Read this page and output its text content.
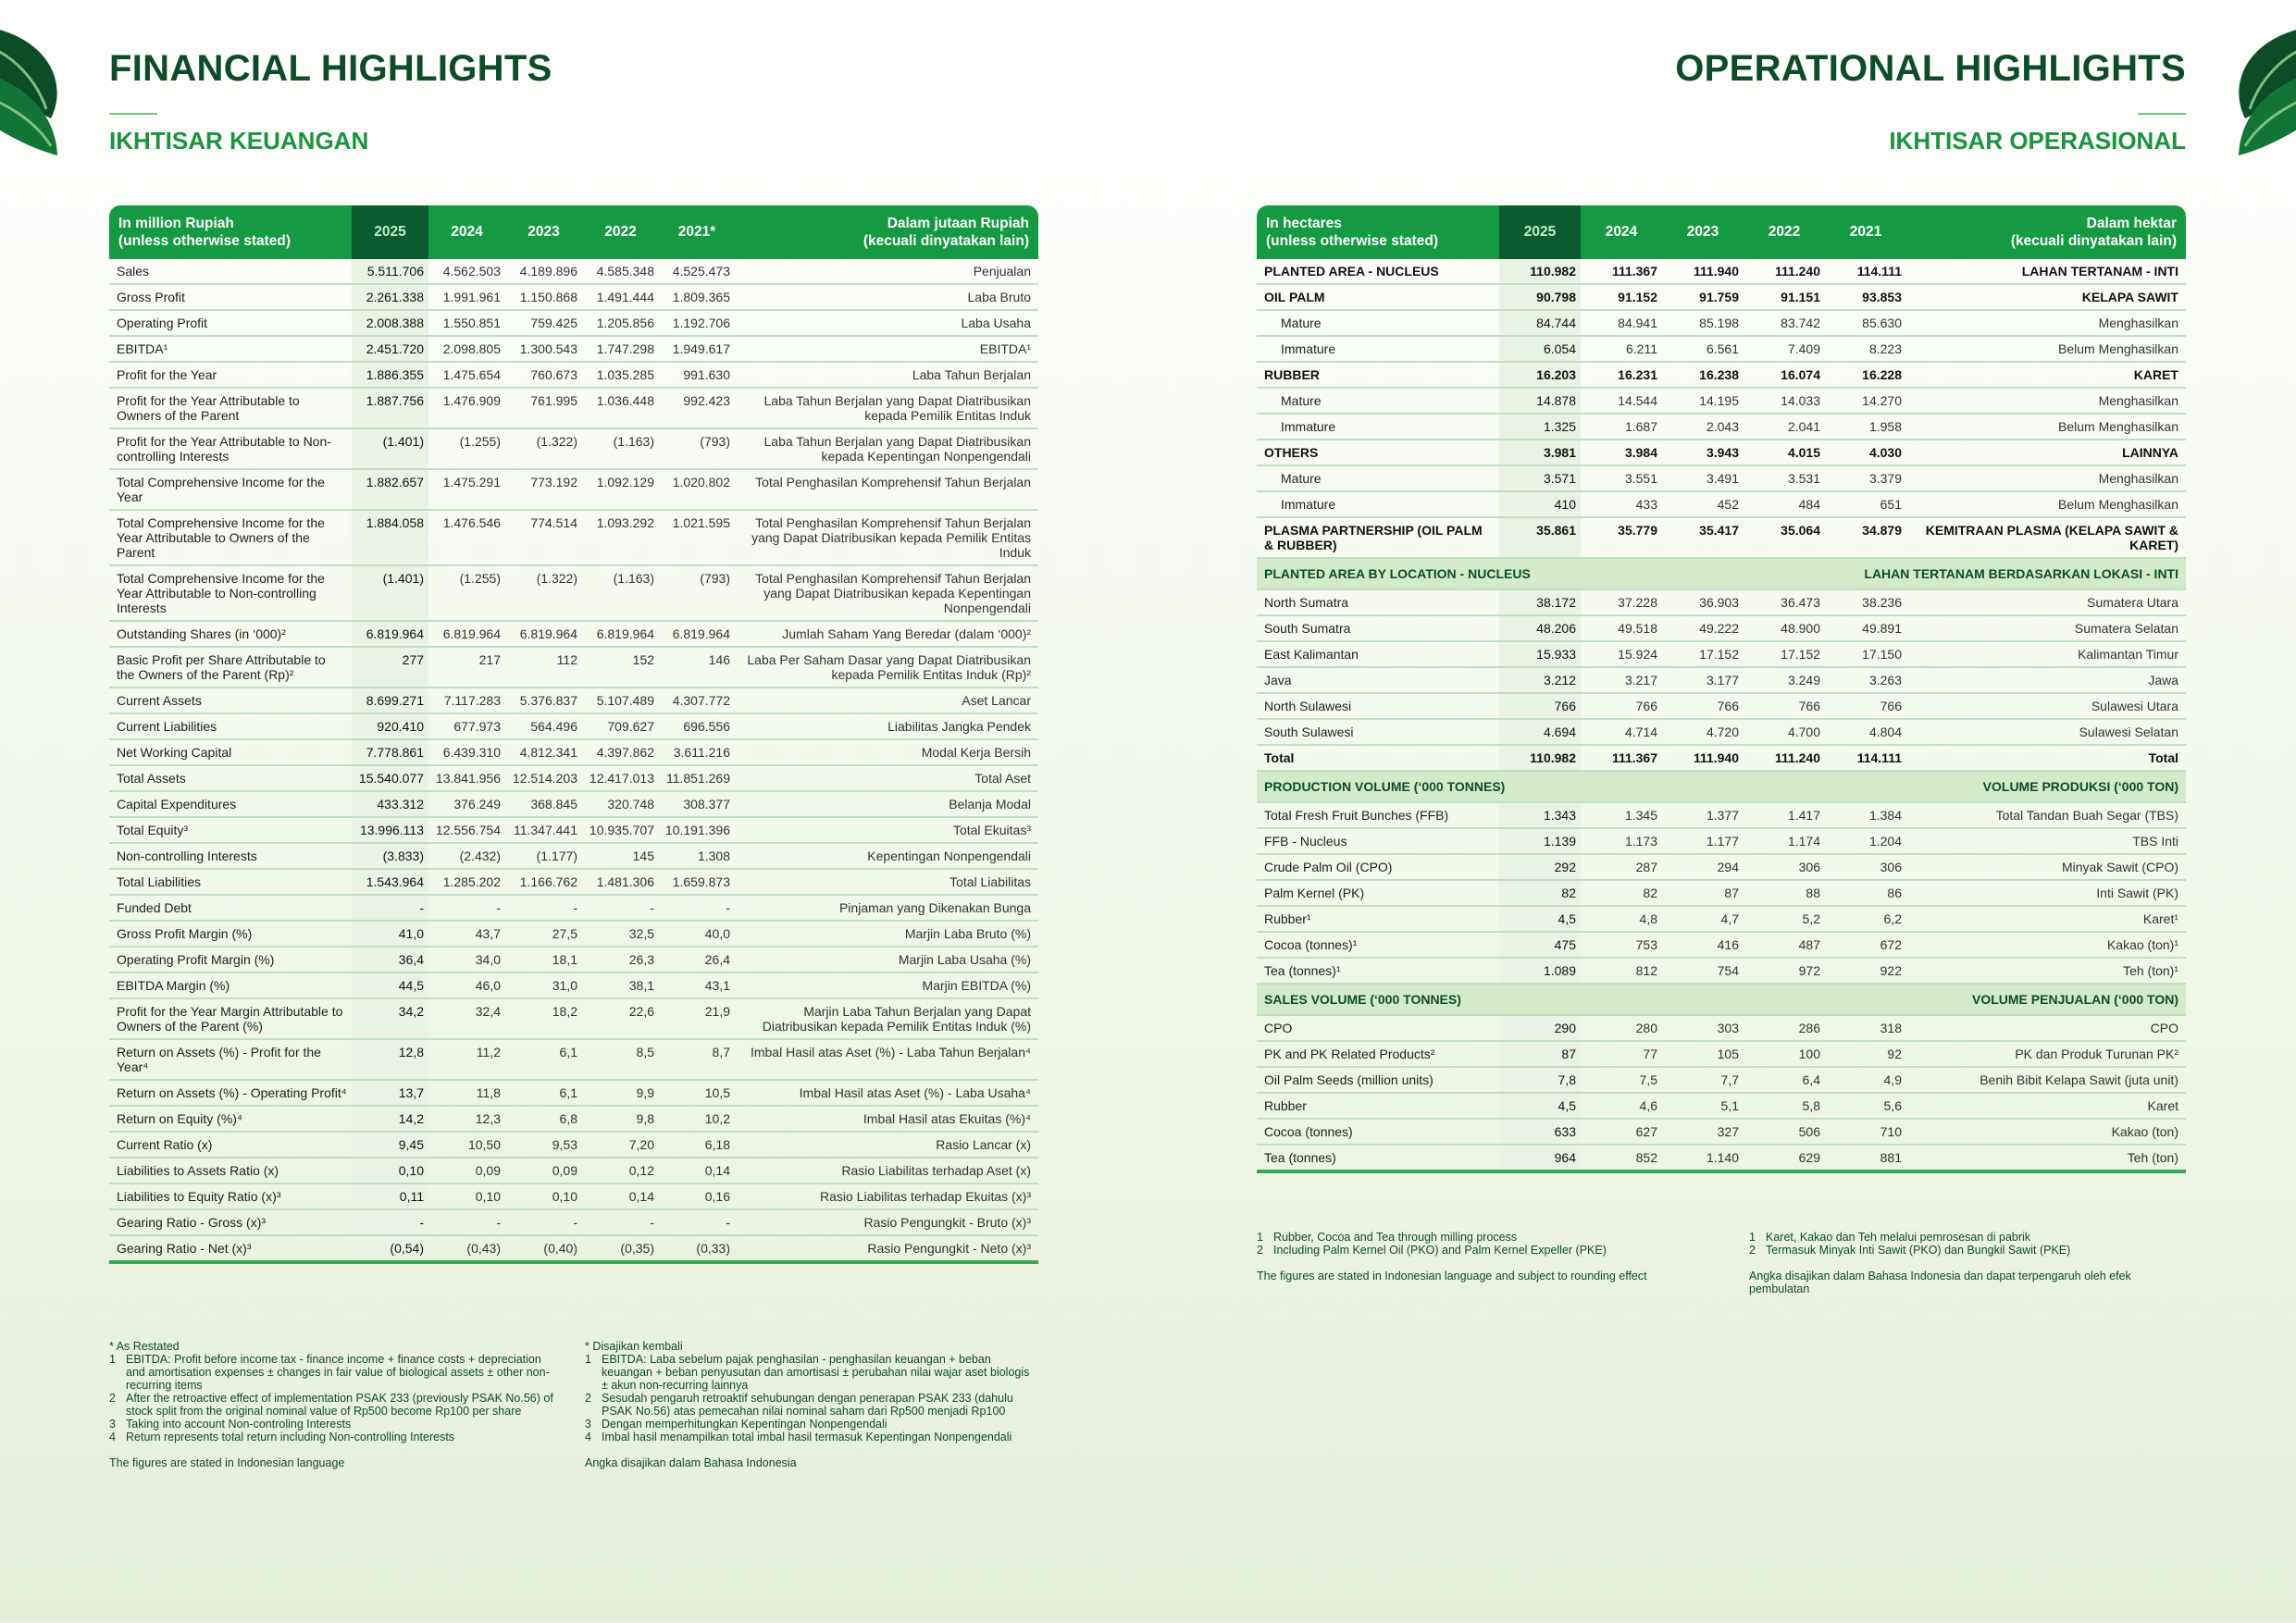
FINANCIAL HIGHLIGHTS
IKHTISAR KEUANGAN
In million Rupiah
(unless otherwise stated)	2025	2024	2023	2022	2021*	Dalam jutaan Rupiah
(kecuali dinyatakan lain)
Sales	5.511.706	4.562.503	4.189.896	4.585.348	4.525.473	Penjualan
Gross Profit	2.261.338	1.991.961	1.150.868	1.491.444	1.809.365	Laba Bruto
Operating Profit	2.008.388	1.550.851	759.425	1.205.856	1.192.706	Laba Usaha
EBITDA¹	2.451.720	2.098.805	1.300.543	1.747.298	1.949.617	EBITDA¹
Profit for the Year	1.886.355	1.475.654	760.673	1.035.285	991.630	Laba Tahun Berjalan
Profit for the Year Attributable to Owners of the Parent	1.887.756	1.476.909	761.995	1.036.448	992.423	Laba Tahun Berjalan yang Dapat Diatribusikan kepada Pemilik Entitas Induk
Profit for the Year Attributable to Non-controlling Interests	(1.401)	(1.255)	(1.322)	(1.163)	(793)	Laba Tahun Berjalan yang Dapat Diatribusikan kepada Kepentingan Nonpengendali
Total Comprehensive Income for the Year	1.882.657	1.475.291	773.192	1.092.129	1.020.802	Total Penghasilan Komprehensif Tahun Berjalan
Total Comprehensive Income for the Year Attributable to Owners of the Parent	1.884.058	1.476.546	774.514	1.093.292	1.021.595	Total Penghasilan Komprehensif Tahun Berjalan yang Dapat Diatribusikan kepada Pemilik Entitas Induk
Total Comprehensive Income for the Year Attributable to Non-controlling Interests	(1.401)	(1.255)	(1.322)	(1.163)	(793)	Total Penghasilan Komprehensif Tahun Berjalan yang Dapat Diatribusikan kepada Kepentingan Nonpengendali
Outstanding Shares (in ‘000)²	6.819.964	6.819.964	6.819.964	6.819.964	6.819.964	Jumlah Saham Yang Beredar (dalam ‘000)²
Basic Profit per Share Attributable to the Owners of the Parent (Rp)²	277	217	112	152	146	Laba Per Saham Dasar yang Dapat Diatribusikan kepada Pemilik Entitas Induk (Rp)²
Current Assets	8.699.271	7.117.283	5.376.837	5.107.489	4.307.772	Aset Lancar
Current Liabilities	920.410	677.973	564.496	709.627	696.556	Liabilitas Jangka Pendek
Net Working Capital	7.778.861	6.439.310	4.812.341	4.397.862	3.611.216	Modal Kerja Bersih
Total Assets	15.540.077	13.841.956	12.514.203	12.417.013	11.851.269	Total Aset
Capital Expenditures	433.312	376.249	368.845	320.748	308.377	Belanja Modal
Total Equity³	13.996.113	12.556.754	11.347.441	10.935.707	10.191.396	Total Ekuitas³
Non-controlling Interests	(3.833)	(2.432)	(1.177)	145	1.308	Kepentingan Nonpengendali
Total Liabilities	1.543.964	1.285.202	1.166.762	1.481.306	1.659.873	Total Liabilitas
Funded Debt	-	-	-	-	-	Pinjaman yang Dikenakan Bunga
Gross Profit Margin (%)	41,0	43,7	27,5	32,5	40,0	Marjin Laba Bruto (%)
Operating Profit Margin (%)	36,4	34,0	18,1	26,3	26,4	Marjin Laba Usaha (%)
EBITDA Margin (%)	44,5	46,0	31,0	38,1	43,1	Marjin EBITDA (%)
Profit for the Year Margin Attributable to Owners of the Parent (%)	34,2	32,4	18,2	22,6	21,9	Marjin Laba Tahun Berjalan yang Dapat Diatribusikan kepada Pemilik Entitas Induk (%)
Return on Assets (%) - Profit for the Year⁴	12,8	11,2	6,1	8,5	8,7	Imbal Hasil atas Aset (%) - Laba Tahun Berjalan⁴
Return on Assets (%) - Operating Profit⁴	13,7	11,8	6,1	9,9	10,5	Imbal Hasil atas Aset (%) - Laba Usaha⁴
Return on Equity (%)⁴	14,2	12,3	6,8	9,8	10,2	Imbal Hasil atas Ekuitas (%)⁴
Current Ratio (x)	9,45	10,50	9,53	7,20	6,18	Rasio Lancar (x)
Liabilities to Assets Ratio (x)	0,10	0,09	0,09	0,12	0,14	Rasio Liabilitas terhadap Aset (x)
Liabilities to Equity Ratio (x)³	0,11	0,10	0,10	0,14	0,16	Rasio Liabilitas terhadap Ekuitas (x)³
Gearing Ratio - Gross (x)³	-	-	-	-	-	Rasio Pengungkit - Bruto (x)³
Gearing Ratio - Net (x)³	(0,54)	(0,43)	(0,40)	(0,35)	(0,33)	Rasio Pengungkit - Neto (x)³

* As Restated

1 EBITDA: Profit before income tax - finance income + finance costs + depreciation and amortisation expenses ± changes in fair value of biological assets ± other non-recurring items
2 After the retroactive effect of implementation PSAK 233 (previously PSAK No.56) of stock split from the original nominal value of Rp500 become Rp100 per share
3 Taking into account Non-controling Interests
4 Return represents total return including Non-controlling Interests

The figures are stated in Indonesian language

* Disajikan kembali

1 EBITDA: Laba sebelum pajak penghasilan - penghasilan keuangan + beban keuangan + beban penyusutan dan amortisasi ± perubahan nilai wajar aset biologis ± akun non-recurring lainnya
2 Sesudah pengaruh retroaktif sehubungan dengan penerapan PSAK 233 (dahulu PSAK No.56) atas pemecahan nilai nominal saham dari Rp500 menjadi Rp100
3 Dengan memperhitungkan Kepentingan Nonpengendali
4 Imbal hasil menampilkan total imbal hasil termasuk Kepentingan Nonpengendali

Angka disajikan dalam Bahasa Indonesia

OPERATIONAL HIGHLIGHTS
IKHTISAR OPERASIONAL
In hectares
(unless otherwise stated)	2025	2024	2023	2022	2021	Dalam hektar
(kecuali dinyatakan lain)
PLANTED AREA - NUCLEUS	110.982	111.367	111.940	111.240	114.111	LAHAN TERTANAM - INTI
OIL PALM	90.798	91.152	91.759	91.151	93.853	KELAPA SAWIT
Mature	84.744	84.941	85.198	83.742	85.630	Menghasilkan
Immature	6.054	6.211	6.561	7.409	8.223	Belum Menghasilkan
RUBBER	16.203	16.231	16.238	16.074	16.228	KARET
Mature	14.878	14.544	14.195	14.033	14.270	Menghasilkan
Immature	1.325	1.687	2.043	2.041	1.958	Belum Menghasilkan
OTHERS	3.981	3.984	3.943	4.015	4.030	LAINNYA
Mature	3.571	3.551	3.491	3.531	3.379	Menghasilkan
Immature	410	433	452	484	651	Belum Menghasilkan
PLASMA PARTNERSHIP (OIL PALM & RUBBER)	35.861	35.779	35.417	35.064	34.879	KEMITRAAN PLASMA (KELAPA SAWIT & KARET)
PLANTED AREA BY LOCATION - NUCLEUS				LAHAN TERTANAM BERDASARKAN LOKASI - INTI		
North Sumatra	38.172	37.228	36.903	36.473	38.236	Sumatera Utara
South Sumatra	48.206	49.518	49.222	48.900	49.891	Sumatera Selatan
East Kalimantan	15.933	15.924	17.152	17.152	17.150	Kalimantan Timur
Java	3.212	3.217	3.177	3.249	3.263	Jawa
North Sulawesi	766	766	766	766	766	Sulawesi Utara
South Sulawesi	4.694	4.714	4.720	4.700	4.804	Sulawesi Selatan
Total	110.982	111.367	111.940	111.240	114.111	Total
PRODUCTION VOLUME (‘000 TONNES)				VOLUME PRODUKSI (‘000 TON)		
Total Fresh Fruit Bunches (FFB)	1.343	1.345	1.377	1.417	1.384	Total Tandan Buah Segar (TBS)
FFB - Nucleus	1.139	1.173	1.177	1.174	1.204	TBS Inti
Crude Palm Oil (CPO)	292	287	294	306	306	Minyak Sawit (CPO)
Palm Kernel (PK)	82	82	87	88	86	Inti Sawit (PK)
Rubber¹	4,5	4,8	4,7	5,2	6,2	Karet¹
Cocoa (tonnes)¹	475	753	416	487	672	Kakao (ton)¹
Tea (tonnes)¹	1.089	812	754	972	922	Teh (ton)¹
SALES VOLUME (‘000 TONNES)				VOLUME PENJUALAN (‘000 TON)		
CPO	290	280	303	286	318	CPO
PK and PK Related Products²	87	77	105	100	92	PK dan Produk Turunan PK²
Oil Palm Seeds (million units)	7,8	7,5	7,7	6,4	4,9	Benih Bibit Kelapa Sawit (juta unit)
Rubber	4,5	4,6	5,1	5,8	5,6	Karet
Cocoa (tonnes)	633	627	327	506	710	Kakao (ton)
Tea (tonnes)	964	852	1.140	629	881	Teh (ton)
1 Rubber, Cocoa and Tea through milling process
2 Including Palm Kernel Oil (PKO) and Palm Kernel Expeller (PKE)

The figures are stated in Indonesian language and subject to rounding effect

1 Karet, Kakao dan Teh melalui pemrosesan di pabrik
2 Termasuk Minyak Inti Sawit (PKO) dan Bungkil Sawit (PKE)

Angka disajikan dalam Bahasa Indonesia dan dapat terpengaruh oleh efek pembulatan
